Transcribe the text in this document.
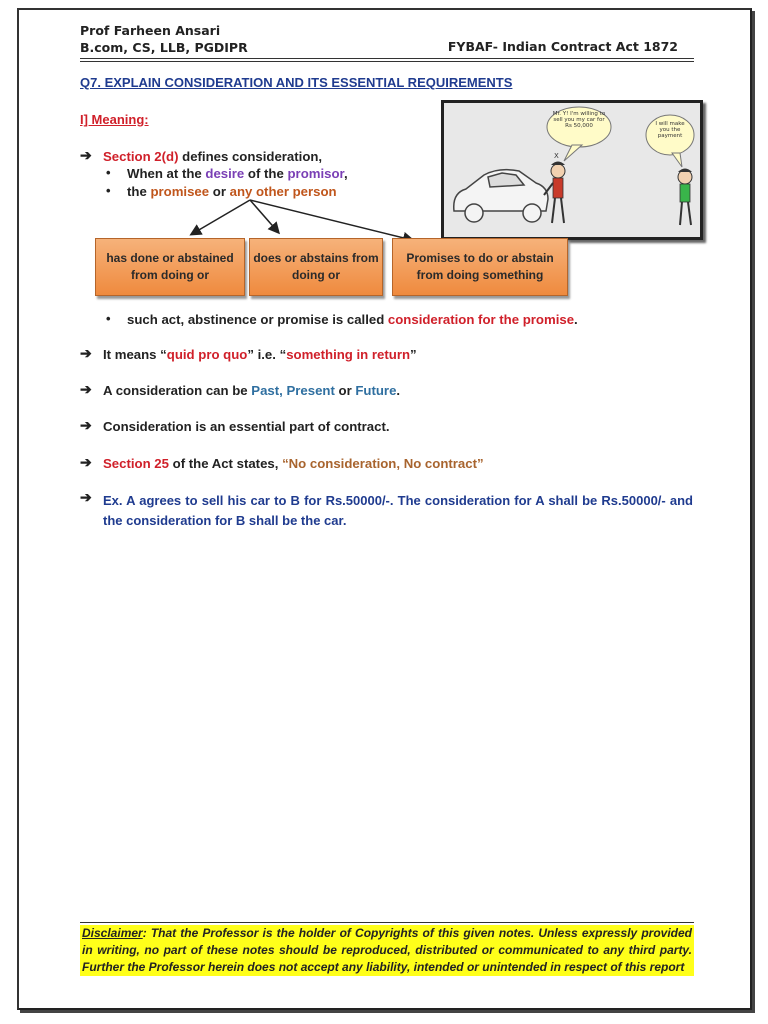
Prof Farheen Ansari
B.com, CS, LLB, PGDIPR	FYBAF- Indian Contract Act 1872
Q7. EXPLAIN CONSIDERATION AND ITS ESSENTIAL REQUIREMENTS
I] Meaning:
X
Mr. Y! I'm willing to sell you my car for Rs 50,000	I will make you the payment
➔ Section 2(d) defines consideration,
• When at the desire of the promisor,
• the promisee or any other person
has done or abstained from doing or
does or abstains from doing or
Promises to do or abstain from doing something
• such act, abstinence or promise is called consideration for the promise.
➔ It means “quid pro quo” i.e. “something in return”
➔ A consideration can be Past, Present or Future.
➔ Consideration is an essential part of contract.
➔ Section 25 of the Act states, “No consideration, No contract”
➔ Ex. A agrees to sell his car to B for Rs.50000/-. The consideration for A shall be Rs.50000/- and the consideration for B shall be the car.
Disclaimer: That the Professor is the holder of Copyrights of this given notes. Unless expressly provided in writing, no part of these notes should be reproduced, distributed or communicated to any third party. Further the Professor herein does not accept any liability, intended or unintended in respect of this report
